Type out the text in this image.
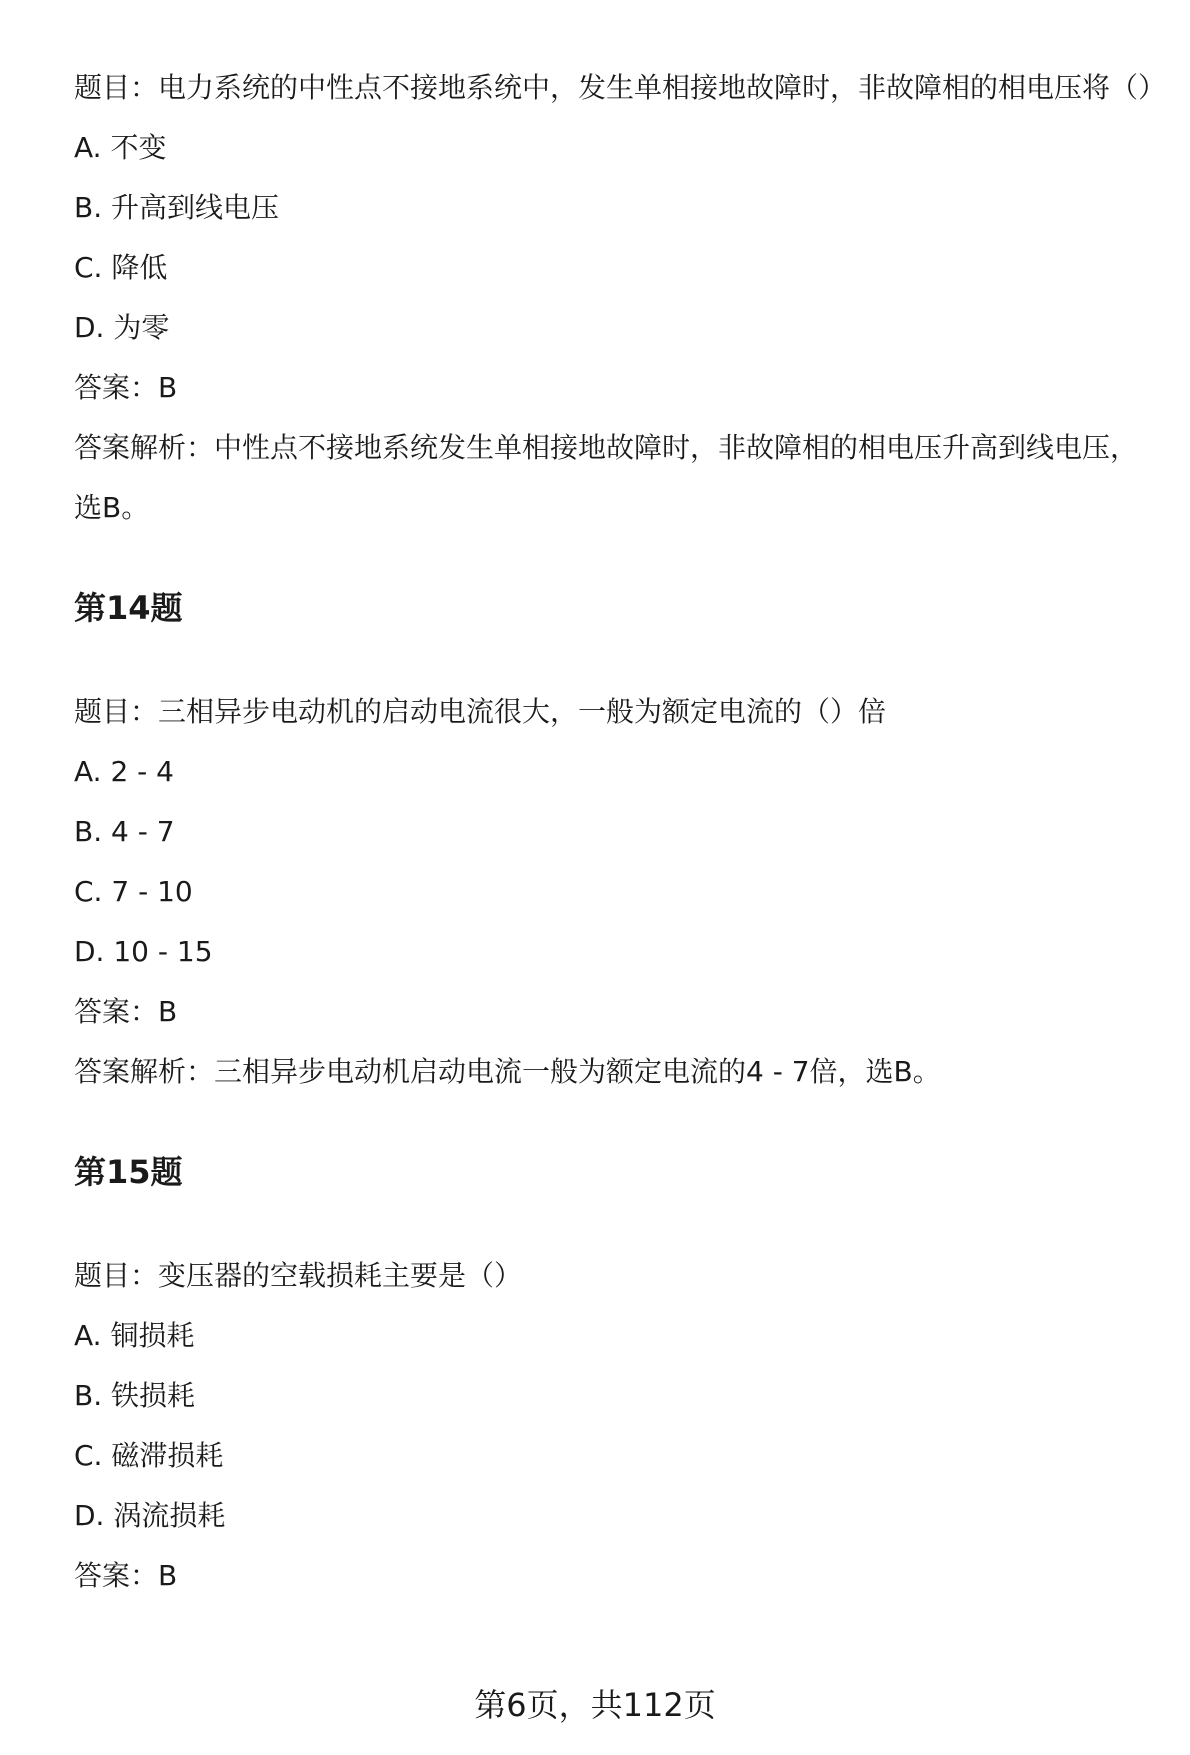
题目：电力系统的中性点不接地系统中，发生单相接地故障时，非故障相的相电压将（）

A. 不变

B. 升高到线电压

C. 降低

D. 为零

答案：B

答案解析：中性点不接地系统发生单相接地故障时，非故障相的相电压升高到线电压，选B。

第14题

题目：三相异步电动机的启动电流很大，一般为额定电流的（）倍

A. 2 - 4

B. 4 - 7

C. 7 - 10

D. 10 - 15

答案：B

答案解析：三相异步电动机启动电流一般为额定电流的4 - 7倍，选B。

第15题

题目：变压器的空载损耗主要是（）

A. 铜损耗

B. 铁损耗

C. 磁滞损耗

D. 涡流损耗

答案：B

第6页，共112页
